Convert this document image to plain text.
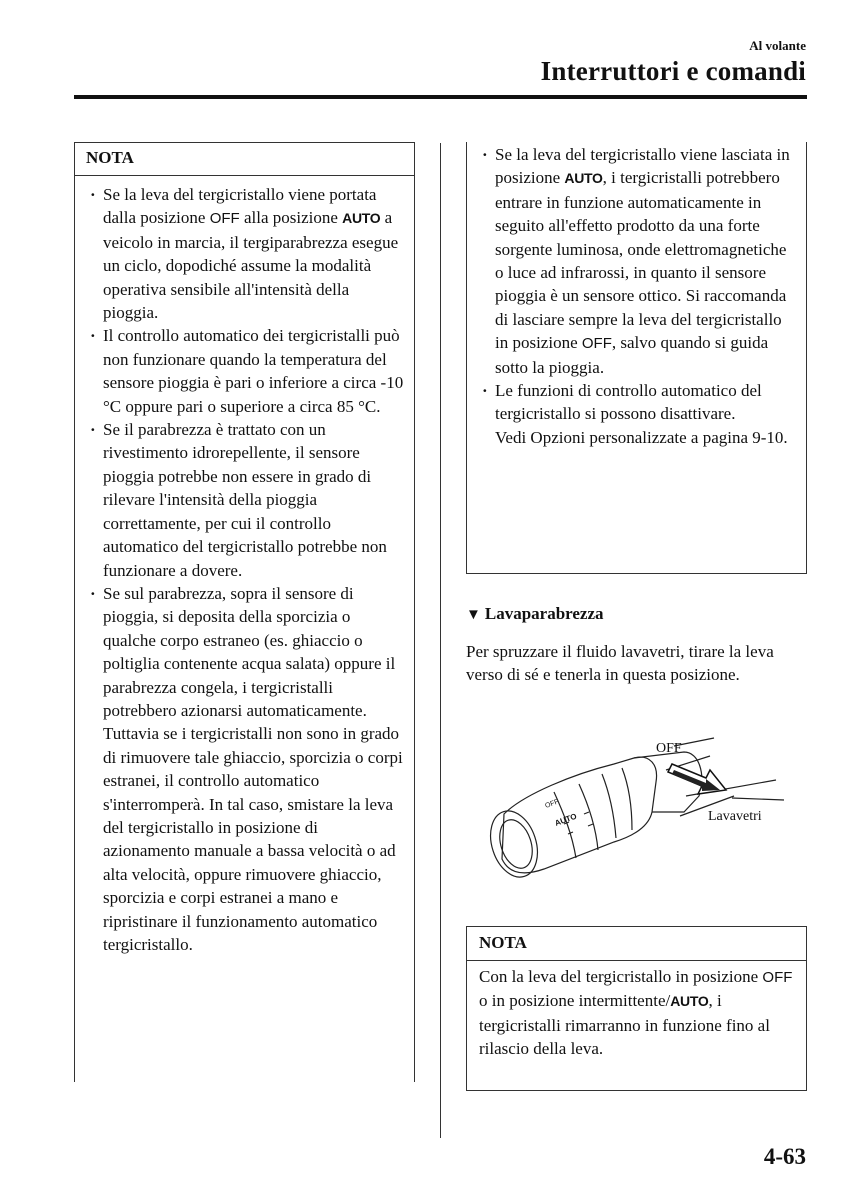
Al volante
Interruttori e comandi
NOTA
· Se la leva del tergicristallo viene portata dalla posizione OFF alla posizione AUTO a veicolo in marcia, il tergiparabrezza esegue un ciclo, dopodiché assume la modalità operativa sensibile all'intensità della pioggia.
· Il controllo automatico dei tergicristalli può non funzionare quando la temperatura del sensore pioggia è pari o inferiore a circa -10 °C oppure pari o superiore a circa 85 °C.
· Se il parabrezza è trattato con un rivestimento idrorepellente, il sensore pioggia potrebbe non essere in grado di rilevare l'intensità della pioggia correttamente, per cui il controllo automatico del tergicristallo potrebbe non funzionare a dovere.
· Se sul parabrezza, sopra il sensore di pioggia, si deposita della sporcizia o qualche corpo estraneo (es. ghiaccio o poltiglia contenente acqua salata) oppure il parabrezza congela, i tergicristalli potrebbero azionarsi automaticamente. Tuttavia se i tergicristalli non sono in grado di rimuovere tale ghiaccio, sporcizia o corpi estranei, il controllo automatico s'interromperà. In tal caso, smistare la leva del tergicristallo in posizione di azionamento manuale a bassa velocità o ad alta velocità, oppure rimuovere ghiaccio, sporcizia e corpi estranei a mano e ripristinare il funzionamento automatico tergicristallo.
· Se la leva del tergicristallo viene lasciata in posizione AUTO, i tergicristalli potrebbero entrare in funzione automaticamente in seguito all'effetto prodotto da una forte sorgente luminosa, onde elettromagnetiche o luce ad infrarossi, in quanto il sensore pioggia è un sensore ottico. Si raccomanda di lasciare sempre la leva del tergicristallo in posizione OFF, salvo quando si guida sotto la pioggia.
· Le funzioni di controllo automatico del tergicristallo si possono disattivare.
Vedi Opzioni personalizzate a pagina 9-10.
▼ Lavaparabrezza
Per spruzzare il fluido lavavetri, tirare la leva verso di sé e tenerla in questa posizione.
OFF
Lavavetri
AUTO
OFF
NOTA
Con la leva del tergicristallo in posizione OFF o in posizione intermittente/AUTO, i tergicristalli rimarranno in funzione fino al rilascio della leva.
4-63
